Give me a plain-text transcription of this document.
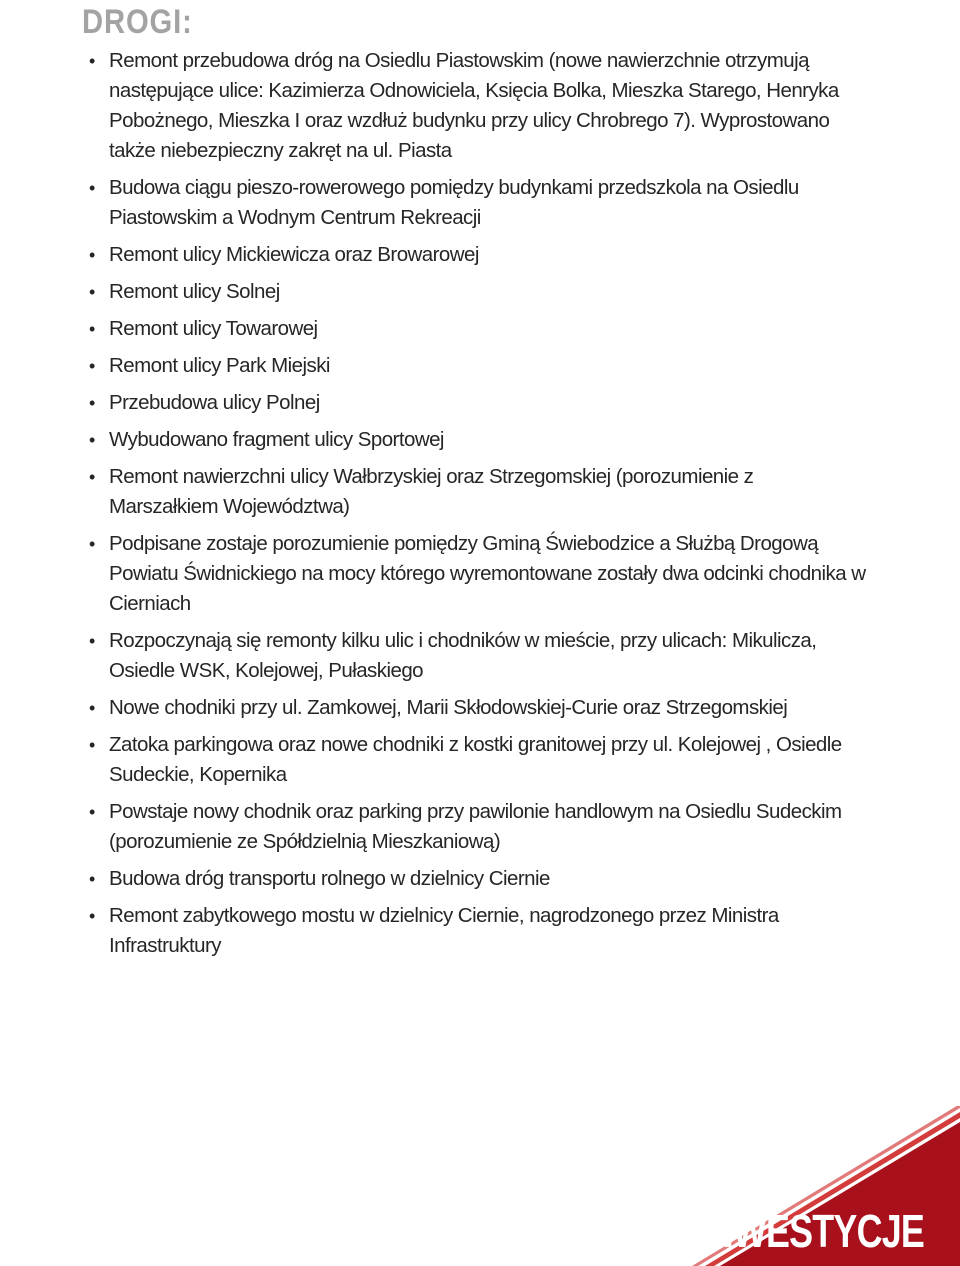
DROGI:
• Remont przebudowa dróg na Osiedlu Piastowskim (nowe nawierzchnie otrzymują następujące ulice: Kazimierza Odnowiciela, Księcia Bolka, Mieszka Starego, Henryka Pobożnego, Mieszka I oraz wzdłuż budynku przy ulicy Chrobrego 7). Wyprostowano także niebezpieczny zakręt na ul. Piasta
• Budowa ciągu pieszo-rowerowego pomiędzy budynkami przedszkola na Osiedlu Piastowskim a Wodnym Centrum Rekreacji
• Remont ulicy Mickiewicza oraz Browarowej
• Remont ulicy Solnej
• Remont ulicy Towarowej
• Remont ulicy Park Miejski
• Przebudowa ulicy Polnej
• Wybudowano fragment ulicy Sportowej
• Remont nawierzchni ulicy Wałbrzyskiej oraz Strzegomskiej (porozumienie z Marszałkiem Województwa)
• Podpisane zostaje porozumienie pomiędzy Gminą Świebodzice a Służbą Drogową Powiatu Świdnickiego na mocy którego wyremontowane zostały dwa odcinki chodnika w Cierniach
• Rozpoczynają się remonty kilku ulic i chodników w mieście, przy ulicach: Mikulicza, Osiedle WSK, Kolejowej, Pułaskiego
• Nowe chodniki przy ul. Zamkowej, Marii Skłodowskiej-Curie oraz Strzegomskiej
• Zatoka parkingowa oraz nowe chodniki z kostki granitowej przy ul. Kolejowej , Osiedle Sudeckie, Kopernika
• Powstaje nowy chodnik oraz parking przy pawilonie handlowym na Osiedlu Sudeckim (porozumienie ze Spółdzielnią Mieszkaniową)
• Budowa dróg transportu rolnego w dzielnicy Ciernie
• Remont zabytkowego mostu w dzielnicy Ciernie, nagrodzonego przez Ministra Infrastruktury
INWESTYCJE
